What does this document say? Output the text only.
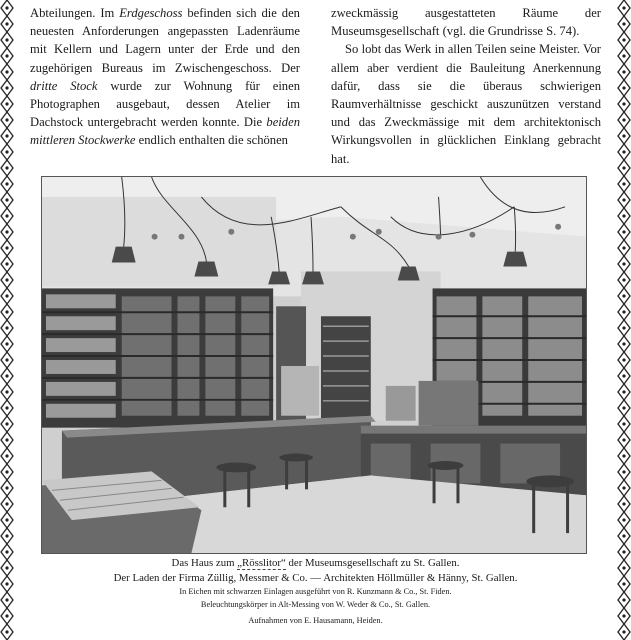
Abteilungen. Im Erdgeschoss befinden sich die den neuesten Anforderungen angepassten Ladenräume mit Kellern und Lagern unter der Erde und den zugehörigen Bureaus im Zwischengeschoss. Der dritte Stock wurde zur Wohnung für einen Photographen ausgebaut, dessen Atelier im Dachstock untergebracht werden konnte. Die beiden mittleren Stockwerke endlich enthalten die schönen

zweckmässig ausgestatteten Räume der Museumsgesellschaft (vgl. die Grundrisse S. 74).

So lobt das Werk in allen Teilen seine Meister. Vor allem aber verdient die Bauleitung Anerkennung dafür, dass sie die überaus schwierigen Raumverhältnisse geschickt auszunützen verstand und das Zweckmässige mit dem architektonisch Wirkungsvollen in glücklichen Einklang gebracht hat.

Das Haus zum „Rösslitor“ der Museumsgesellschaft zu St. Gallen.
Der Laden der Firma Züllig, Messmer & Co. — Architekten Höllmüller & Hänny, St. Gallen.
In Eichen mit schwarzen Einlagen ausgeführt von R. Kunzmann & Co., St. Fiden.
Beleuchtungskörper in Alt-Messing von W. Weder & Co., St. Gallen.
Aufnahmen von E. Hausamann, Heiden.
